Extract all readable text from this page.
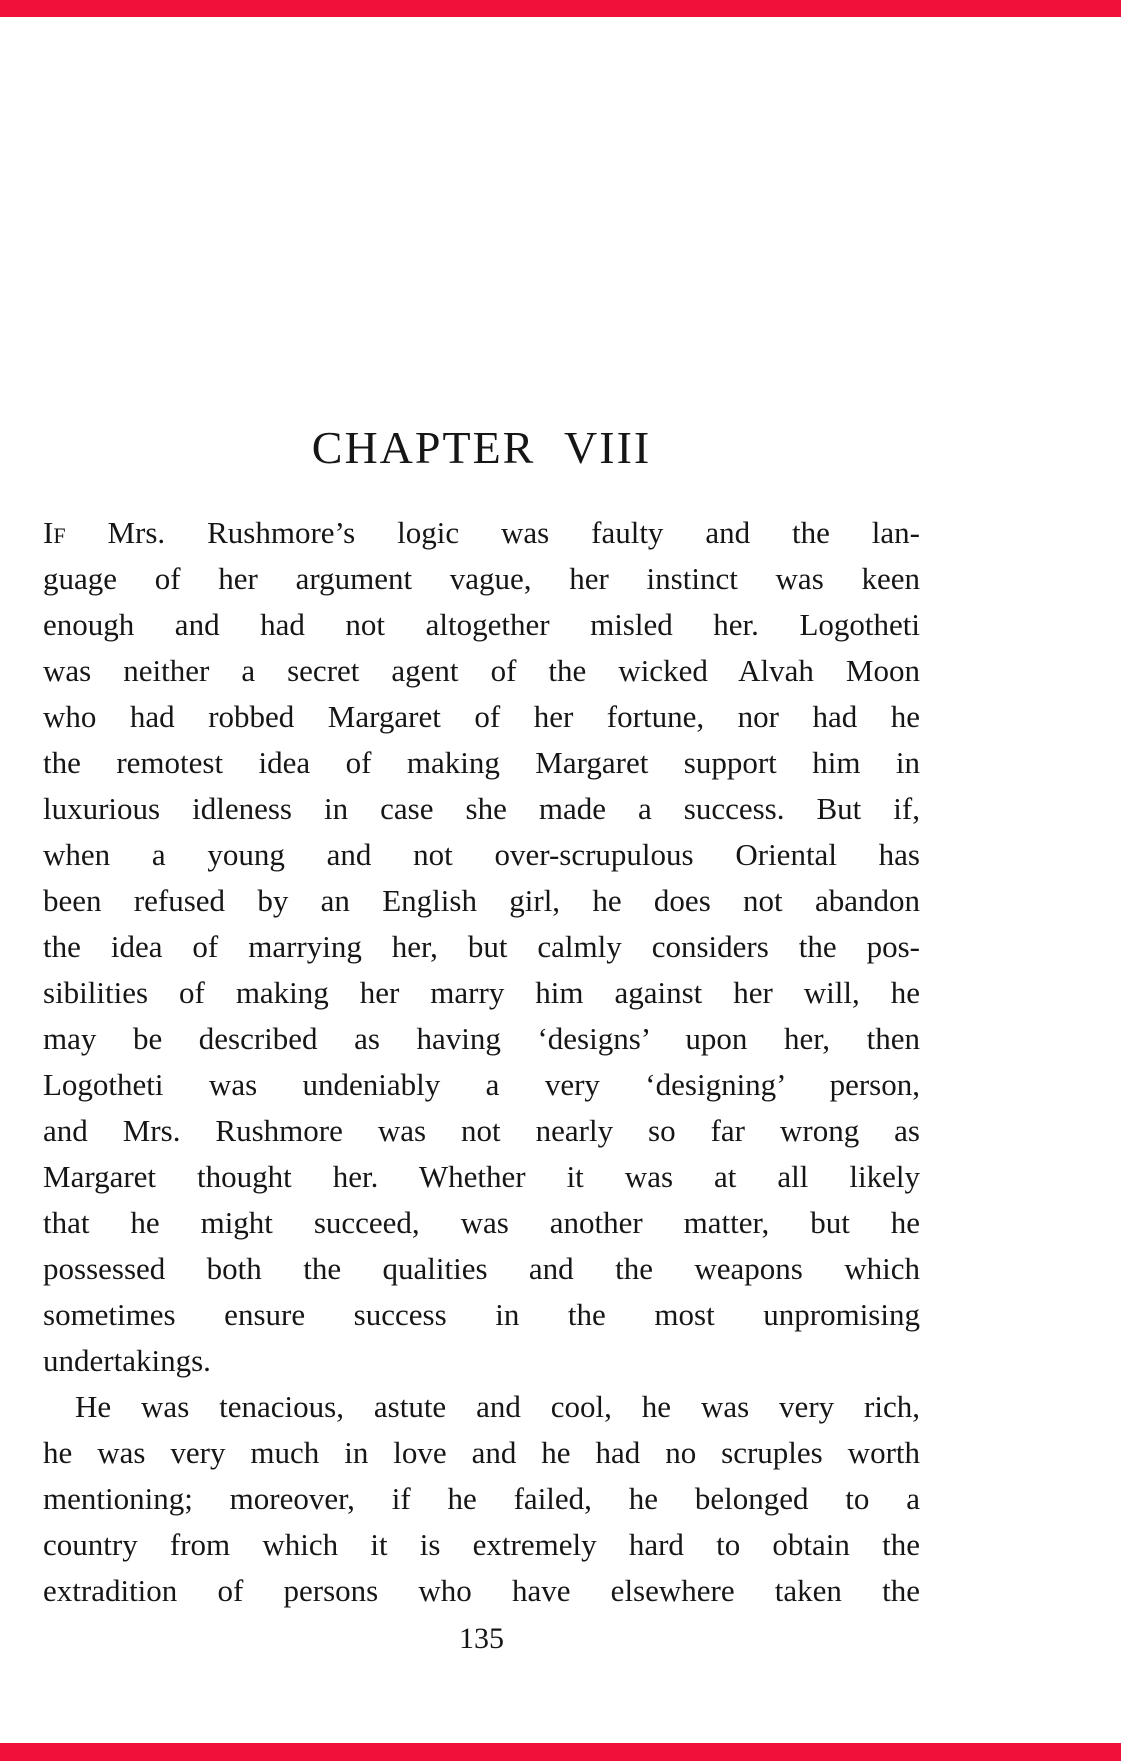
CHAPTER VIII
If Mrs. Rushmore’s logic was faulty and the lan-
guage of her argument vague, her instinct was keen
enough and had not altogether misled her. Logotheti
was neither a secret agent of the wicked Alvah Moon
who had robbed Margaret of her fortune, nor had he
the remotest idea of making Margaret support him in
luxurious idleness in case she made a success. But if,
when a young and not over-scrupulous Oriental has
been refused by an English girl, he does not abandon
the idea of marrying her, but calmly considers the pos-
sibilities of making her marry him against her will, he
may be described as having ‘designs’ upon her, then
Logotheti was undeniably a very ‘designing’ person,
and Mrs. Rushmore was not nearly so far wrong as
Margaret thought her. Whether it was at all likely
that he might succeed, was another matter, but he
possessed both the qualities and the weapons which
sometimes ensure success in the most unpromising
undertakings.
He was tenacious, astute and cool, he was very rich,
he was very much in love and he had no scruples worth
mentioning; moreover, if he failed, he belonged to a
country from which it is extremely hard to obtain the
extradition of persons who have elsewhere taken the
135
